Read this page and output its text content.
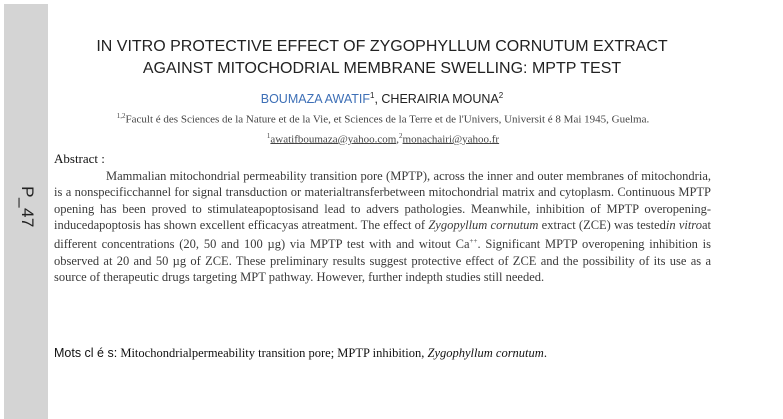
P_47
IN VITRO PROTECTIVE EFFECT OF ZYGOPHYLLUM CORNUTUM EXTRACT
AGAINST MITOCHODRIAL MEMBRANE SWELLING: MPTP TEST
BOUMAZA AWATIF$^1$, CHERAIRIA MOUNA$^2$
$^{1,2}$Facult é des Sciences de la Nature et de la Vie, et Sciences de la Terre et de l'Univers, Universit é 8 Mai 1945, Guelma.
$^1$awatifboumaza@yahoo.com,$^2$monachairi@yahoo.fr
Abstract :
Mammalian mitochondrial permeability transition pore (MPTP), across the inner and outer membranes of mitochondria, is a nonspecificchannel for signal transduction or materialtransferbetween mitochondrial matrix and cytoplasm. Continuous MPTP opening has been proved to stimulateapoptosisand lead to advers pathologies. Meanwhile, inhibition of MPTP overopening-inducedapoptosis has shown excellent efficacyas atreatment. The effect of Zygopyllum cornutum extract (ZCE) was testedin vitroat different concentrations (20, 50 and 100 µg) via MPTP test with and witout Ca++. Significant MPTP overopening inhibition is observed at 20 and 50 µg of ZCE. These preliminary results suggest protective effect of ZCE and the possibility of its use as a source of therapeutic drugs targeting MPT pathway. However, further indepth studies still needed.
Mots cl é s: Mitochondrialpermeability transition pore; MPTP inhibition, Zygophyllum cornutum.
